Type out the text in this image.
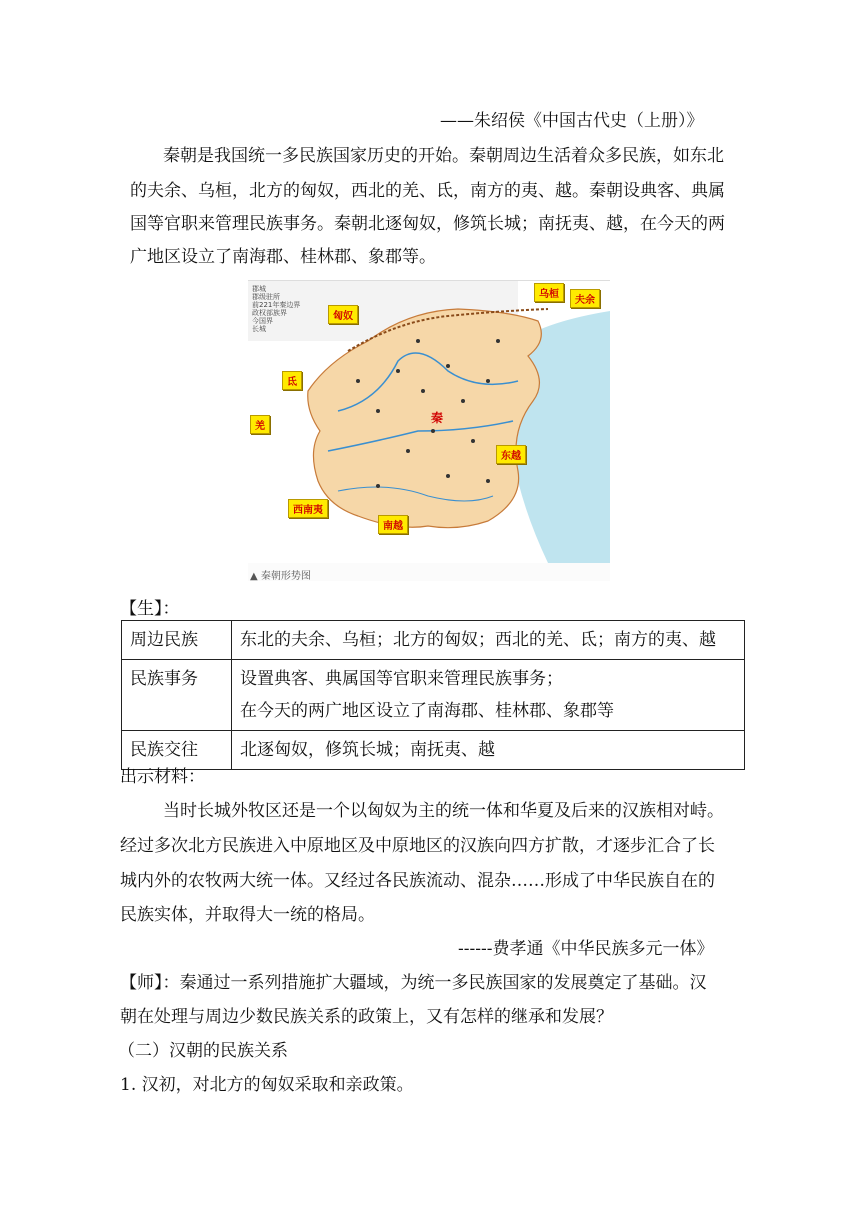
——朱绍侯《中国古代史（上册）》
秦朝是我国统一多民族国家历史的开始。秦朝周边生活着众多民族，如东北
的夫余、乌桓，北方的匈奴，西北的羌、氐，南方的夷、越。秦朝设典客、典属
国等官职来管理民族事务。秦朝北逐匈奴，修筑长城；南抚夷、越，在今天的两
广地区设立了南海郡、桂林郡、象郡等。
郡城
郡级驻所
前221年秦边界
政权部族界
今国界
长城
匈奴
乌桓
夫余
氐
羌
秦
东越
西南夷
南越
▲ 秦朝形势图
【生】：
周边民族	东北的夫余、乌桓；北方的匈奴；西北的羌、氐；南方的夷、越

民族事务	设置典客、典属国等官职来管理民族事务；
在今天的两广地区设立了南海郡、桂林郡、象郡等

民族交往	北逐匈奴，修筑长城；南抚夷、越
出示材料：
当时长城外牧区还是一个以匈奴为主的统一体和华夏及后来的汉族相对峙。
经过多次北方民族进入中原地区及中原地区的汉族向四方扩散，才逐步汇合了长
城内外的农牧两大统一体。又经过各民族流动、混杂……形成了中华民族自在的
民族实体，并取得大一统的格局。
------费孝通《中华民族多元一体》
【师】：秦通过一系列措施扩大疆域，为统一多民族国家的发展奠定了基础。汉
朝在处理与周边少数民族关系的政策上，又有怎样的继承和发展？
（二）汉朝的民族关系
1. 汉初，对北方的匈奴采取和亲政策。
